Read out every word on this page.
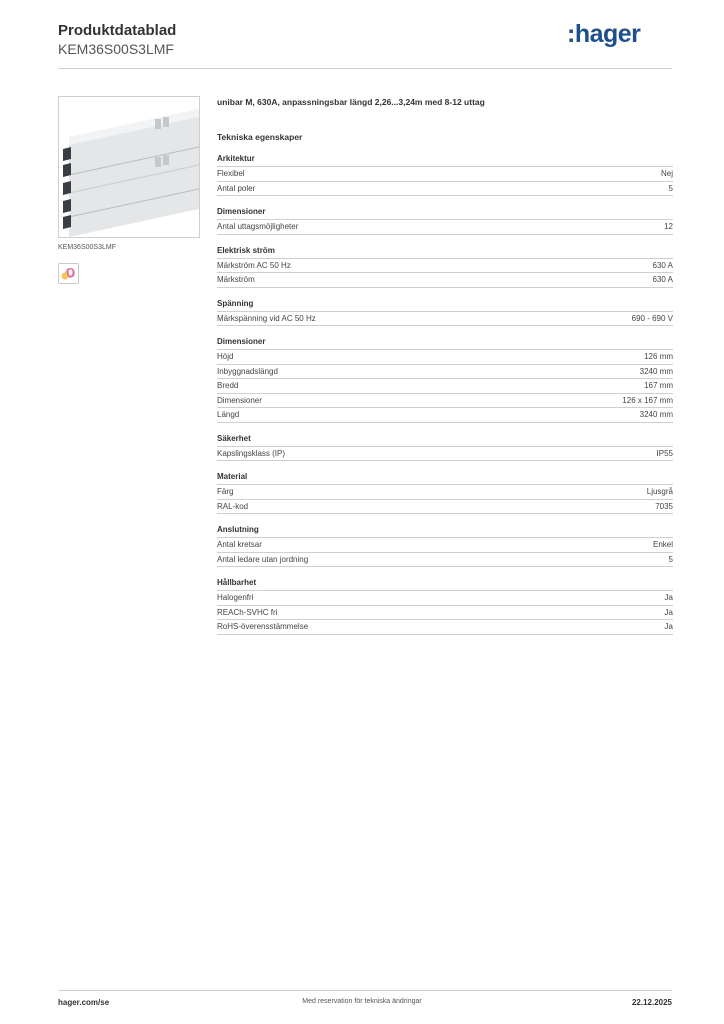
Produktdatablad
KEM36S00S3LMF
:hager
KEM36S00S3LMF
unibar M, 630A, anpassningsbar längd 2,26...3,24m med 8-12 uttag
Tekniska egenskaper
Arkitektur
Flexibel	Nej
Antal poler	5
Dimensioner
Antal uttagsmöjligheter	12
Elektrisk ström
Märkström AC 50 Hz	630 A
Märkström	630 A
Spänning
Märkspänning vid AC 50 Hz	690 - 690 V
Dimensioner
Höjd	126 mm
Inbyggnadslängd	3240 mm
Bredd	167 mm
Dimensioner	126 x 167 mm
Längd	3240 mm
Säkerhet
Kapslingsklass (IP)	IP55
Material
Färg	Ljusgrå
RAL-kod	7035
Anslutning
Antal kretsar	Enkel
Antal ledare utan jordning	5
Hållbarhet
Halogenfri	Ja
REACh-SVHC fri	Ja
RoHS-överensstämmelse	Ja
hager.com/se	Med reservation för tekniska ändringar	22.12.2025
